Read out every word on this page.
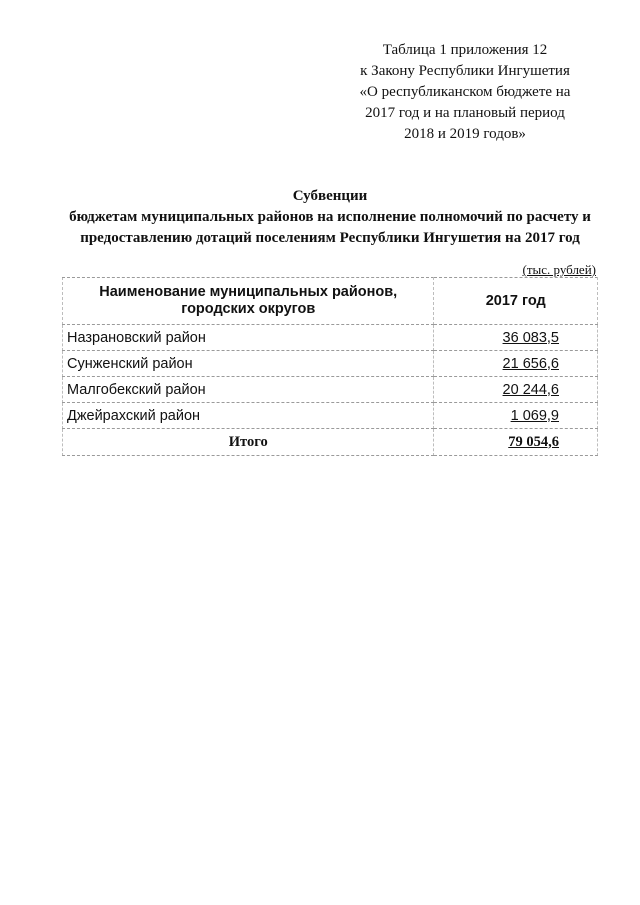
Таблица 1 приложения 12
к Закону Республики Ингушетия
«О республиканском бюджете на
2017 год и на плановый период
2018 и 2019 годов»
Субвенции
бюджетам муниципальных районов на исполнение полномочий по расчету и
предоставлению дотаций поселениям Республики Ингушетия на 2017 год
(тыс. рублей)
Наименование муниципальных районов, городских округов	2017 год
Назрановский район	36 083,5
Сунженский район	21 656,6
Малгобекский район	20 244,6
Джейрахский район	1 069,9
Итого	79 054,6
